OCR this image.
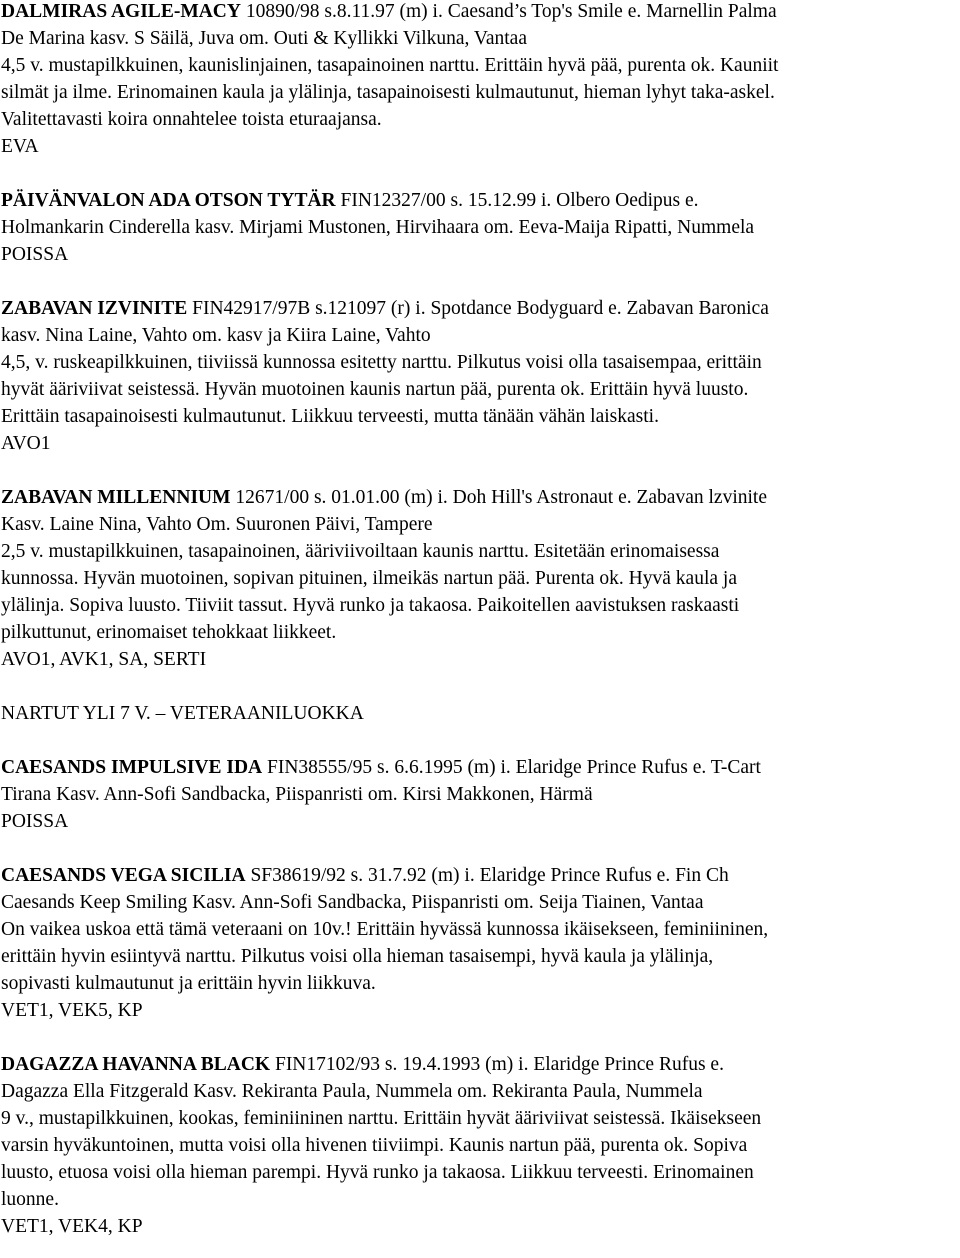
DALMIRAS AGILE-MACY 10890/98 s.8.11.97 (m) i. Caesand’s Top's Smile e. Marnellin Palma

De Marina kasv. S Säilä, Juva om. Outi & Kyllikki Vilkuna, Vantaa

4,5 v. mustapilkkuinen, kaunislinjainen, tasapainoinen narttu. Erittäin hyvä pää, purenta ok. Kauniit

silmät ja ilme. Erinomainen kaula ja ylälinja, tasapainoisesti kulmautunut, hieman lyhyt taka-askel.

Valitettavasti koira onnahtelee toista eturaajansa.

EVA

PÄIVÄNVALON ADA OTSON TYTÄR FIN12327/00 s. 15.12.99 i. Olbero Oedipus e.

Holmankarin Cinderella kasv. Mirjami Mustonen, Hirvihaara om. Eeva-Maija Ripatti, Nummela

POISSA

ZABAVAN IZVINITE FIN42917/97B s.121097 (r) i. Spotdance Bodyguard e. Zabavan Baronica

kasv. Nina Laine, Vahto om. kasv ja Kiira Laine, Vahto

4,5, v. ruskeapilkkuinen, tiiviissä kunnossa esitetty narttu. Pilkutus voisi olla tasaisempaa, erittäin

hyvät ääriviivat seistessä. Hyvän muotoinen kaunis nartun pää, purenta ok. Erittäin hyvä luusto.

Erittäin tasapainoisesti kulmautunut. Liikkuu terveesti, mutta tänään vähän laiskasti.

AVO1

ZABAVAN MILLENNIUM 12671/00 s. 01.01.00 (m) i. Doh Hill's Astronaut e. Zabavan lzvinite

Kasv. Laine Nina, Vahto Om. Suuronen Päivi, Tampere

2,5 v. mustapilkkuinen, tasapainoinen, ääriviivoiltaan kaunis narttu. Esitetään erinomaisessa

kunnossa. Hyvän muotoinen, sopivan pituinen, ilmeikäs nartun pää. Purenta ok. Hyvä kaula ja

ylälinja. Sopiva luusto. Tiiviit tassut. Hyvä runko ja takaosa. Paikoitellen aavistuksen raskaasti

pilkuttunut, erinomaiset tehokkaat liikkeet.

AVO1, AVK1, SA, SERTI

NARTUT YLI 7 V. – VETERAANILUOKKA

CAESANDS IMPULSIVE IDA FIN38555/95 s. 6.6.1995 (m) i. Elaridge Prince Rufus e. T-Cart

Tirana Kasv. Ann-Sofi Sandbacka, Piispanristi om. Kirsi Makkonen, Härmä

POISSA

CAESANDS VEGA SICILIA SF38619/92 s. 31.7.92 (m) i. Elaridge Prince Rufus e. Fin Ch

Caesands Keep Smiling Kasv. Ann-Sofi Sandbacka, Piispanristi om. Seija Tiainen, Vantaa

On vaikea uskoa että tämä veteraani on 10v.! Erittäin hyvässä kunnossa ikäisekseen, feminiininen,

erittäin hyvin esiintyvä narttu. Pilkutus voisi olla hieman tasaisempi, hyvä kaula ja ylälinja,

sopivasti kulmautunut ja erittäin hyvin liikkuva.

VET1, VEK5, KP

DAGAZZA HAVANNA BLACK FIN17102/93 s. 19.4.1993 (m) i. Elaridge Prince Rufus e.

Dagazza Ella Fitzgerald Kasv. Rekiranta Paula, Nummela om. Rekiranta Paula, Nummela

9 v., mustapilkkuinen, kookas, feminiininen narttu. Erittäin hyvät ääriviivat seistessä. Ikäisekseen

varsin hyväkuntoinen, mutta voisi olla hivenen tiiviimpi. Kaunis nartun pää, purenta ok. Sopiva

luusto, etuosa voisi olla hieman parempi. Hyvä runko ja takaosa. Liikkuu terveesti. Erinomainen

luonne.

VET1, VEK4, KP
